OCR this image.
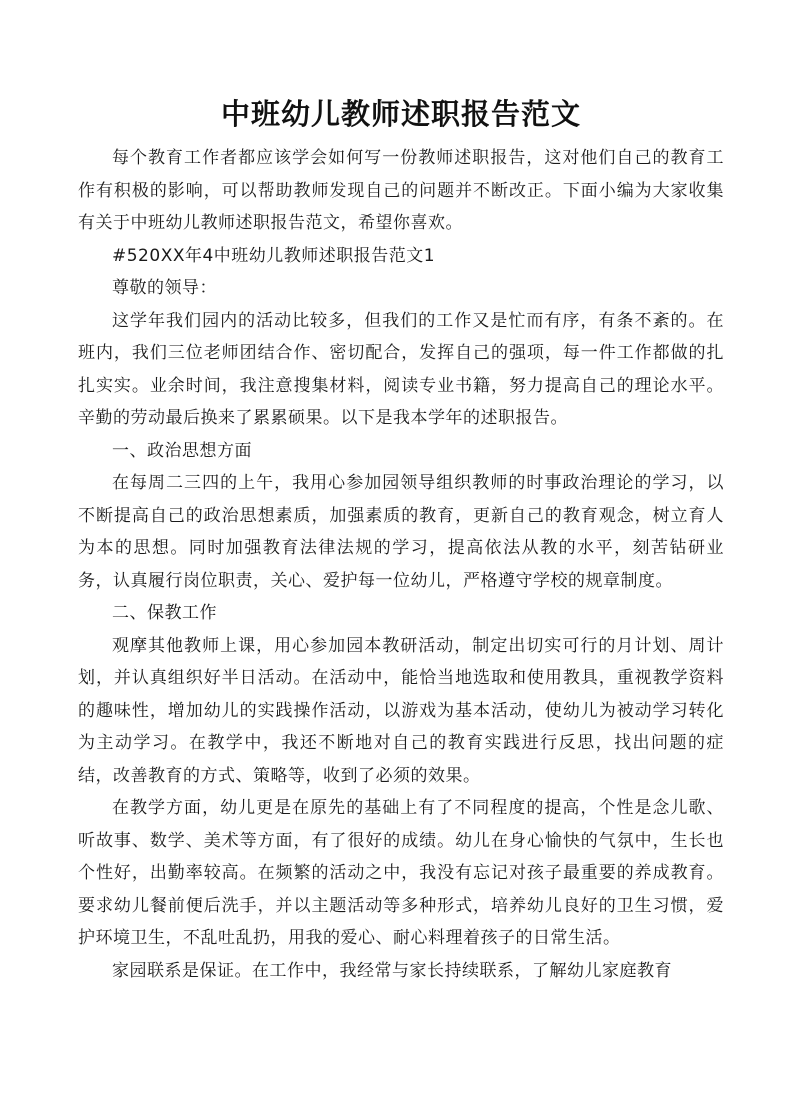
中班幼儿教师述职报告范文

每个教育工作者都应该学会如何写一份教师述职报告，这对他们自己的教育工作有积极的影响，可以帮助教师发现自己的问题并不断改正。下面小编为大家收集有关于中班幼儿教师述职报告范文，希望你喜欢。

#520XX年4中班幼儿教师述职报告范文1

尊敬的领导：

这学年我们园内的活动比较多，但我们的工作又是忙而有序，有条不紊的。在班内，我们三位老师团结合作、密切配合，发挥自己的强项，每一件工作都做的扎扎实实。业余时间，我注意搜集材料，阅读专业书籍，努力提高自己的理论水平。辛勤的劳动最后换来了累累硕果。以下是我本学年的述职报告。

一、政治思想方面

在每周二三四的上午，我用心参加园领导组织教师的时事政治理论的学习，以不断提高自己的政治思想素质，加强素质的教育，更新自己的教育观念，树立育人为本的思想。同时加强教育法律法规的学习，提高依法从教的水平，刻苦钻研业务，认真履行岗位职责，关心、爱护每一位幼儿，严格遵守学校的规章制度。

二、保教工作

观摩其他教师上课，用心参加园本教研活动，制定出切实可行的月计划、周计划，并认真组织好半日活动。在活动中，能恰当地选取和使用教具，重视教学资料的趣味性，增加幼儿的实践操作活动，以游戏为基本活动，使幼儿为被动学习转化为主动学习。在教学中，我还不断地对自己的教育实践进行反思，找出问题的症结，改善教育的方式、策略等，收到了必须的效果。

在教学方面，幼儿更是在原先的基础上有了不同程度的提高，个性是念儿歌、听故事、数学、美术等方面，有了很好的成绩。幼儿在身心愉快的气氛中，生长也个性好，出勤率较高。在频繁的活动之中，我没有忘记对孩子最重要的养成教育。要求幼儿餐前便后洗手，并以主题活动等多种形式，培养幼儿良好的卫生习惯，爱护环境卫生，不乱吐乱扔，用我的爱心、耐心料理着孩子的日常生活。

家园联系是保证。在工作中，我经常与家长持续联系，了解幼儿家庭教育
